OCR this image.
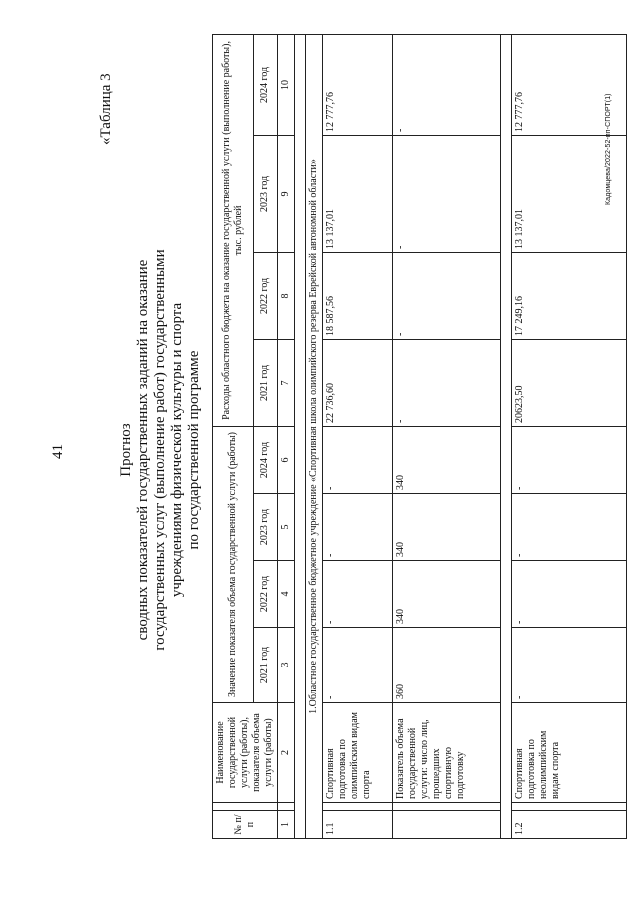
41
«Таблица 3
Прогноз сводных показателей государственных заданий на оказание государственных услуг (выполнение работ) государственными учреждениями физической культуры и спорта по государственной программе
№ п/п		Наименование государственной услуги (работы), показателя объема услуги (работы)	Значение показателя объема государственной услуги (работы)				Расходы областного бюджета на оказание государственной услуги (выполнение работы), тыс. рублей			
			2021 год	2022 год	2023 год	2024 год	2021 год	2022 год	2023 год	2024 год
1		2	3	4	5	6	7	8	9	10

1.Областное государственное бюджетное учреждение «Спортивная школа олимпийского резерва Еврейской автономной области»										
1.1		Спортивная подготовка по олимпийским видам спорта	-	-	-	-	22 736,60	18 587,56	13 137,01	12 777,76
		Показатель объема государственной услуги: число лиц, прошедших спортивную подготовку	360	340	340	340	-	-	-	-

1.2		Спортивная подготовка по неолимпийским видам спорта	-	-	-	-	20623,50	17 249,16	13 137,01	12 777,76	Кадомцева/2022-52-пп-СПОРТ(1)
